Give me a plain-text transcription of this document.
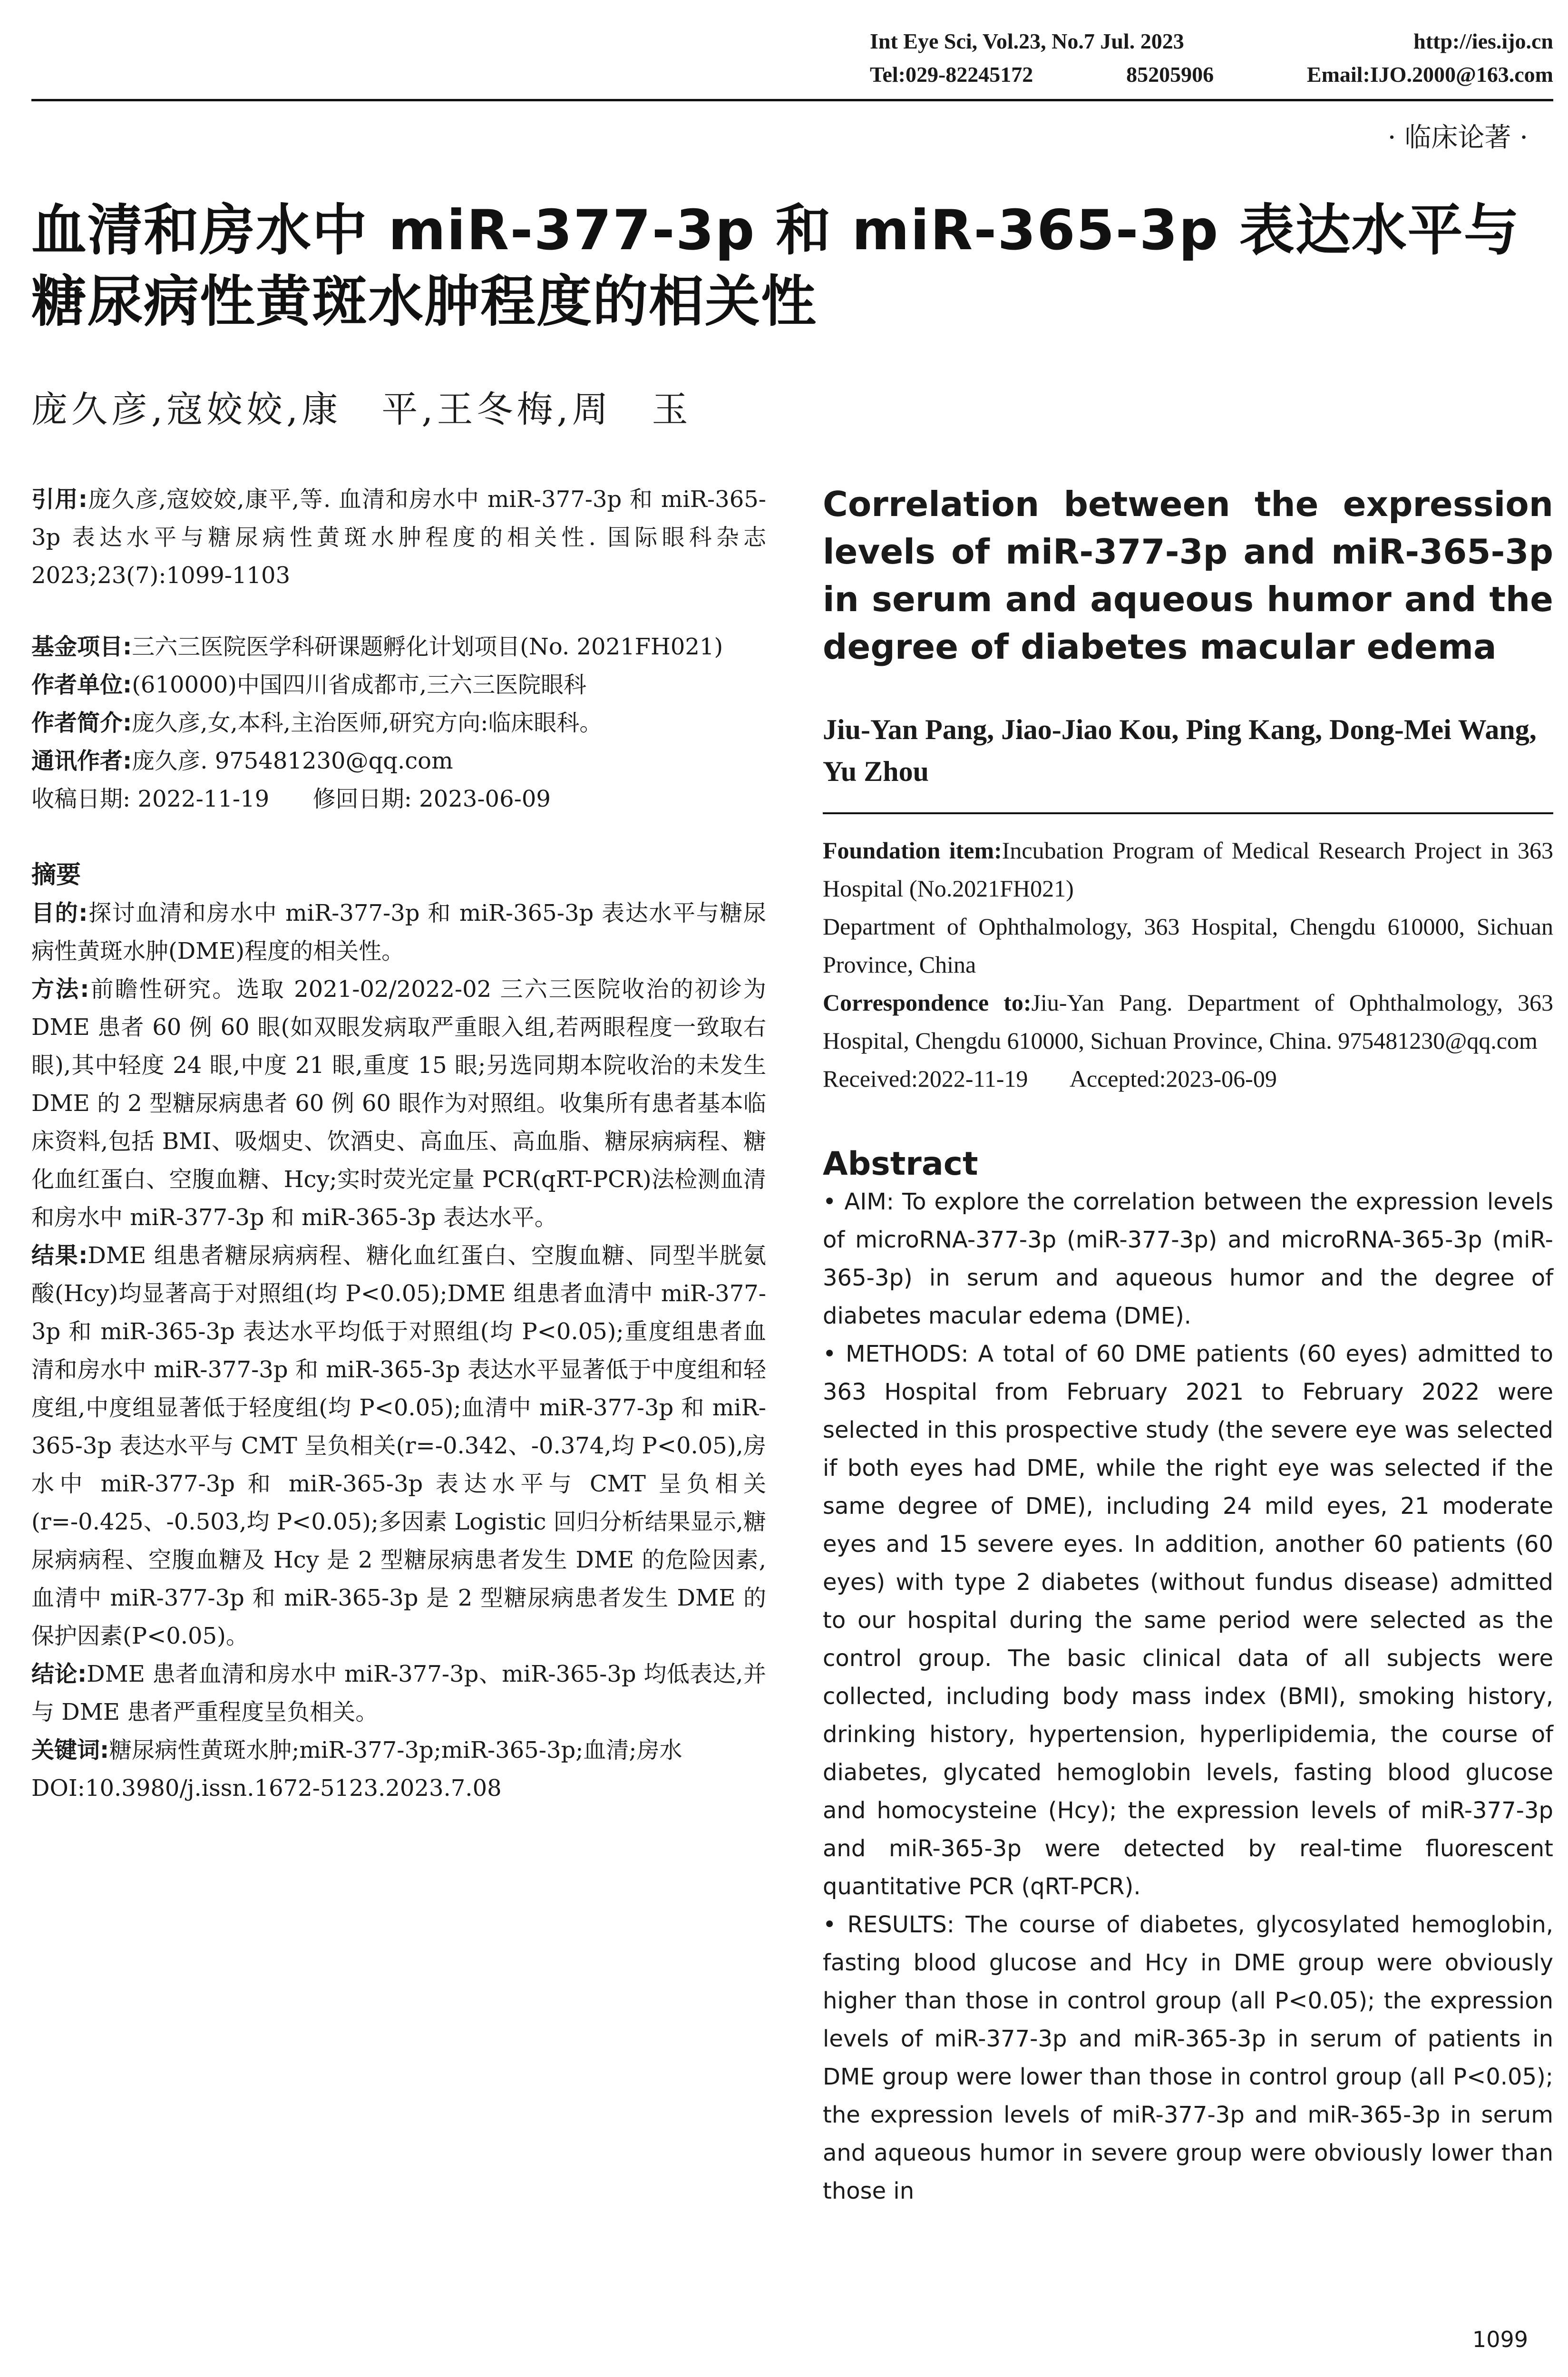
Int Eye Sci, Vol.23, No.7 Jul. 2023	http://ies.ijo.cn
Tel:029-82245172	85205906	Email:IJO.2000@163.com
· 临床论著 ·
血清和房水中 miR-377-3p 和 miR-365-3p 表达水平与
糖尿病性黄斑水肿程度的相关性
庞久彦,寇姣姣,康　平,王冬梅,周　玉

引用:庞久彦,寇姣姣,康平,等. 血清和房水中 miR-377-3p 和 miR-365-3p 表达水平与糖尿病性黄斑水肿程度的相关性. 国际眼科杂志 2023;23(7):1099-1103

基金项目:三六三医院医学科研课题孵化计划项目(No. 2021FH021)

作者单位:(610000)中国四川省成都市,三六三医院眼科

作者简介:庞久彦,女,本科,主治医师,研究方向:临床眼科。

通讯作者:庞久彦. 975481230@qq.com

收稿日期: 2022-11-19 修回日期: 2023-06-09

摘要

目的:探讨血清和房水中 miR-377-3p 和 miR-365-3p 表达水平与糖尿病性黄斑水肿(DME)程度的相关性。

方法:前瞻性研究。选取 2021-02/2022-02 三六三医院收治的初诊为 DME 患者 60 例 60 眼(如双眼发病取严重眼入组,若两眼程度一致取右眼),其中轻度 24 眼,中度 21 眼,重度 15 眼;另选同期本院收治的未发生 DME 的 2 型糖尿病患者 60 例 60 眼作为对照组。收集所有患者基本临床资料,包括 BMI、吸烟史、饮酒史、高血压、高血脂、糖尿病病程、糖化血红蛋白、空腹血糖、Hcy;实时荧光定量 PCR(qRT-PCR)法检测血清和房水中 miR-377-3p 和 miR-365-3p 表达水平。

结果:DME 组患者糖尿病病程、糖化血红蛋白、空腹血糖、同型半胱氨酸(Hcy)均显著高于对照组(均 P<0.05);DME 组患者血清中 miR-377-3p 和 miR-365-3p 表达水平均低于对照组(均 P<0.05);重度组患者血清和房水中 miR-377-3p 和 miR-365-3p 表达水平显著低于中度组和轻度组,中度组显著低于轻度组(均 P<0.05);血清中 miR-377-3p 和 miR-365-3p 表达水平与 CMT 呈负相关(r=-0.342、-0.374,均 P<0.05),房水中 miR-377-3p 和 miR-365-3p 表达水平与 CMT 呈负相关(r=-0.425、-0.503,均 P<0.05);多因素 Logistic 回归分析结果显示,糖尿病病程、空腹血糖及 Hcy 是 2 型糖尿病患者发生 DME 的危险因素,血清中 miR-377-3p 和 miR-365-3p 是 2 型糖尿病患者发生 DME 的保护因素(P<0.05)。

结论:DME 患者血清和房水中 miR-377-3p、miR-365-3p 均低表达,并与 DME 患者严重程度呈负相关。

关键词:糖尿病性黄斑水肿;miR-377-3p;miR-365-3p;血清;房水

DOI:10.3980/j.issn.1672-5123.2023.7.08

Correlation between the expression levels of miR-377-3p and miR-365-3p in serum and aqueous humor and the degree of diabetes macular edema
Jiu-Yan Pang, Jiao-Jiao Kou, Ping Kang, Dong-Mei Wang, Yu Zhou

Foundation item:Incubation Program of Medical Research Project in 363 Hospital (No.2021FH021)

Department of Ophthalmology, 363 Hospital, Chengdu 610000, Sichuan Province, China

Correspondence to:Jiu-Yan Pang. Department of Ophthalmology, 363 Hospital, Chengdu 610000, Sichuan Province, China. 975481230@qq.com

Received:2022-11-19 Accepted:2023-06-09

Abstract

• AIM: To explore the correlation between the expression levels of microRNA-377-3p (miR-377-3p) and microRNA-365-3p (miR-365-3p) in serum and aqueous humor and the degree of diabetes macular edema (DME).

• METHODS: A total of 60 DME patients (60 eyes) admitted to 363 Hospital from February 2021 to February 2022 were selected in this prospective study (the severe eye was selected if both eyes had DME, while the right eye was selected if the same degree of DME), including 24 mild eyes, 21 moderate eyes and 15 severe eyes. In addition, another 60 patients (60 eyes) with type 2 diabetes (without fundus disease) admitted to our hospital during the same period were selected as the control group. The basic clinical data of all subjects were collected, including body mass index (BMI), smoking history, drinking history, hypertension, hyperlipidemia, the course of diabetes, glycated hemoglobin levels, fasting blood glucose and homocysteine (Hcy); the expression levels of miR-377-3p and miR-365-3p were detected by real-time fluorescent quantitative PCR (qRT-PCR).

• RESULTS: The course of diabetes, glycosylated hemoglobin, fasting blood glucose and Hcy in DME group were obviously higher than those in control group (all P<0.05); the expression levels of miR-377-3p and miR-365-3p in serum of patients in DME group were lower than those in control group (all P<0.05); the expression levels of miR-377-3p and miR-365-3p in serum and aqueous humor in severe group were obviously lower than those in

1099
